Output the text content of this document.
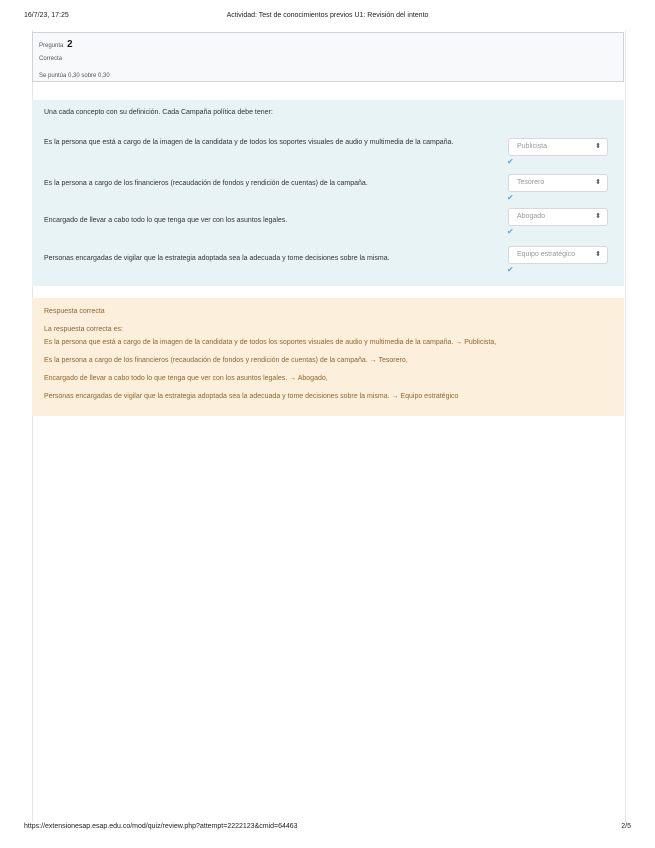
16/7/23, 17:25	Actividad: Test de conocimientos previos U1: Revisión del intento
Pregunta 2
Correcta
Se puntúa 0,30 sobre 0,30
Una cada concepto con su definición. Cada Campaña política debe tener:
Es la persona que está a cargo de la imagen de la candidata y de todos los soportes visuales de audio y multimedia de la campaña.
Publicista	⬍
✔
Es la persona a cargo de los financieros (recaudación de fondos y rendición de cuentas) de la campaña.	Tesorero	⬍
✔
Encargado de llevar a cabo todo lo que tenga que ver con los asuntos legales.
Abogado	⬍
✔
Personas encargadas de vigilar que la estrategia adoptada sea la adecuada y tome decisiones sobre la misma.
Equipo estratégico	⬍
✔
Respuesta correcta
La respuesta correcta es:
Es la persona que está a cargo de la imagen de la candidata y de todos los soportes visuales de audio y multimedia de la campaña. → Publicista,
Es la persona a cargo de los financieros (recaudación de fondos y rendición de cuentas) de la campaña. → Tesorero,
Encargado de llevar a cabo todo lo que tenga que ver con los asuntos legales. → Abogado,
Personas encargadas de vigilar que la estrategia adoptada sea la adecuada y tome decisiones sobre la misma. → Equipo estratégico
https://extensionesap.esap.edu.co/mod/quiz/review.php?attempt=2222123&cmid=64463	2/5
